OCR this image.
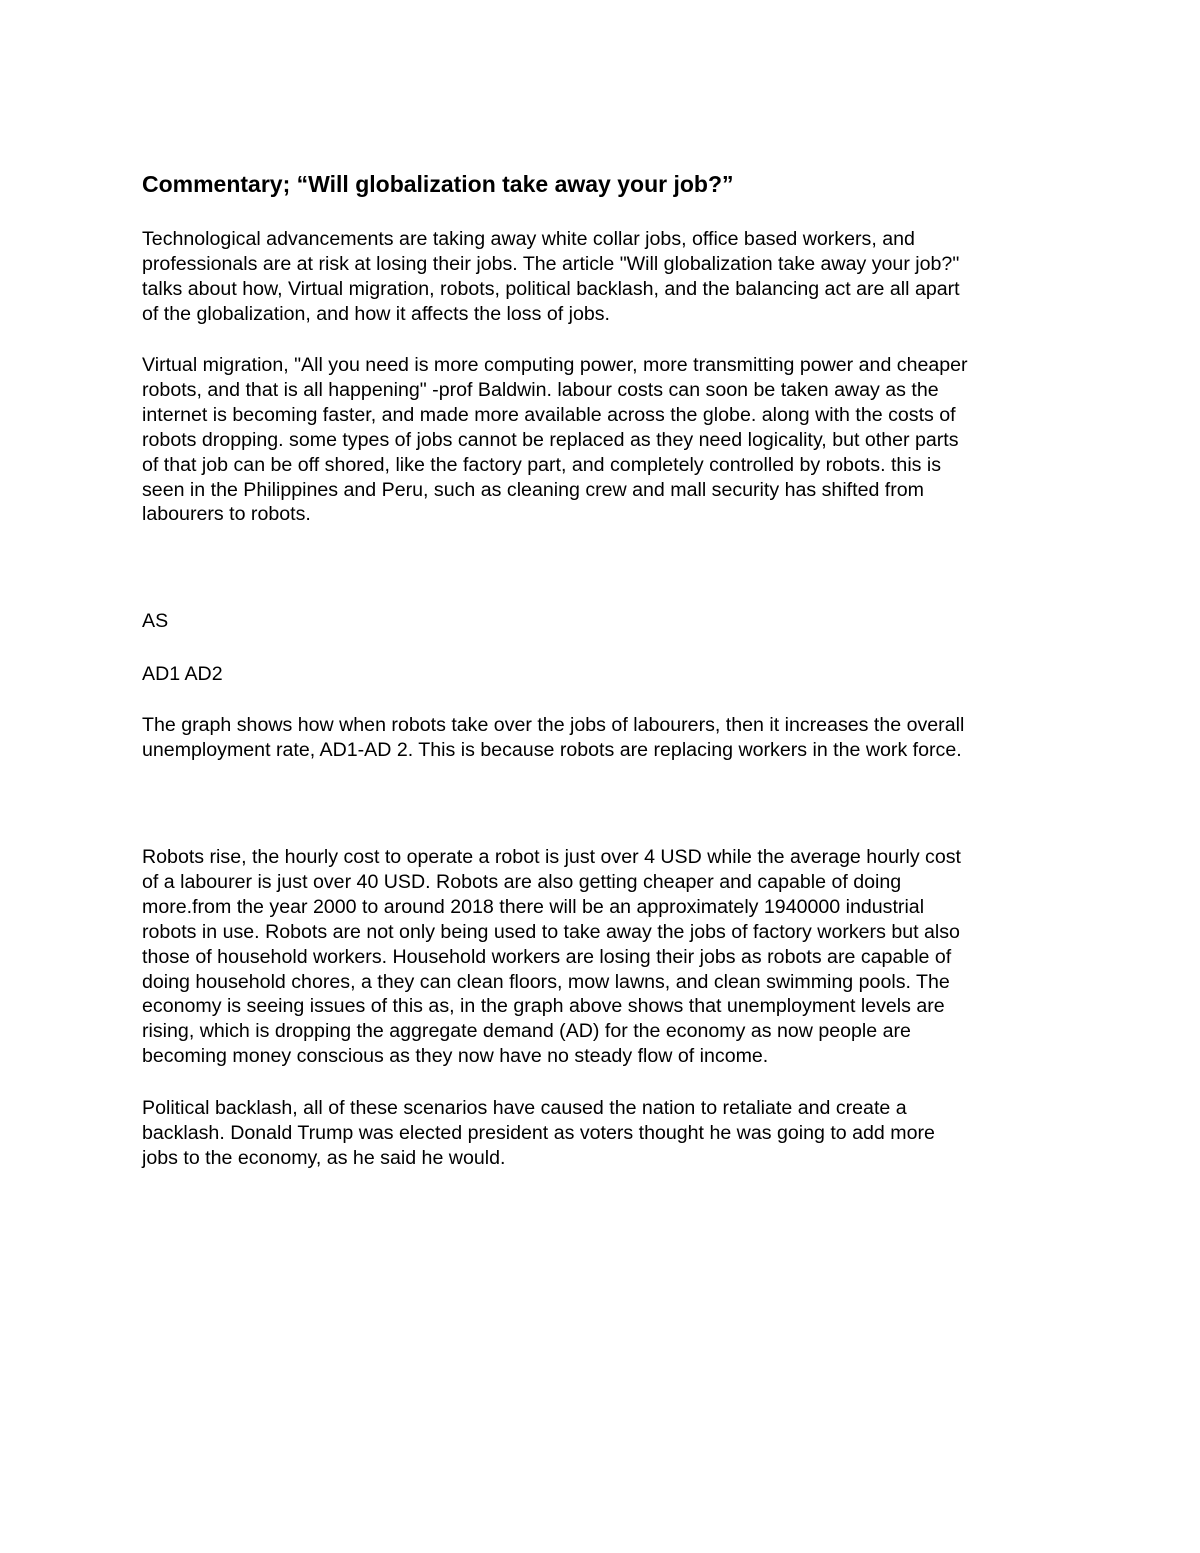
Commentary; “Will globalization take away your job?”

Technological advancements are taking away white collar jobs, office based workers, and
professionals are at risk at losing their jobs. The article "Will globalization take away your job?"
talks about how, Virtual migration, robots, political backlash, and the balancing act are all apart
of the globalization, and how it affects the loss of jobs.

Virtual migration, "All you need is more computing power, more transmitting power and cheaper
robots, and that is all happening" -prof Baldwin. labour costs can soon be taken away as the
internet is becoming faster, and made more available across the globe. along with the costs of
robots dropping. some types of jobs cannot be replaced as they need logicality, but other parts
of that job can be off shored, like the factory part, and completely controlled by robots. this is
seen in the Philippines and Peru, such as cleaning crew and mall security has shifted from
labourers to robots.

AS

AD1 AD2

The graph shows how when robots take over the jobs of labourers, then it increases the overall
unemployment rate, AD1-AD 2. This is because robots are replacing workers in the work force.

Robots rise, the hourly cost to operate a robot is just over 4 USD while the average hourly cost
of a labourer is just over 40 USD. Robots are also getting cheaper and capable of doing
more.from the year 2000 to around 2018 there will be an approximately 1940000 industrial
robots in use. Robots are not only being used to take away the jobs of factory workers but also
those of household workers. Household workers are losing their jobs as robots are capable of
doing household chores, a they can clean floors, mow lawns, and clean swimming pools. The
economy is seeing issues of this as, in the graph above shows that unemployment levels are
rising, which is dropping the aggregate demand (AD) for the economy as now people are
becoming money conscious as they now have no steady flow of income.

Political backlash, all of these scenarios have caused the nation to retaliate and create a
backlash. Donald Trump was elected president as voters thought he was going to add more
jobs to the economy, as he said he would.
